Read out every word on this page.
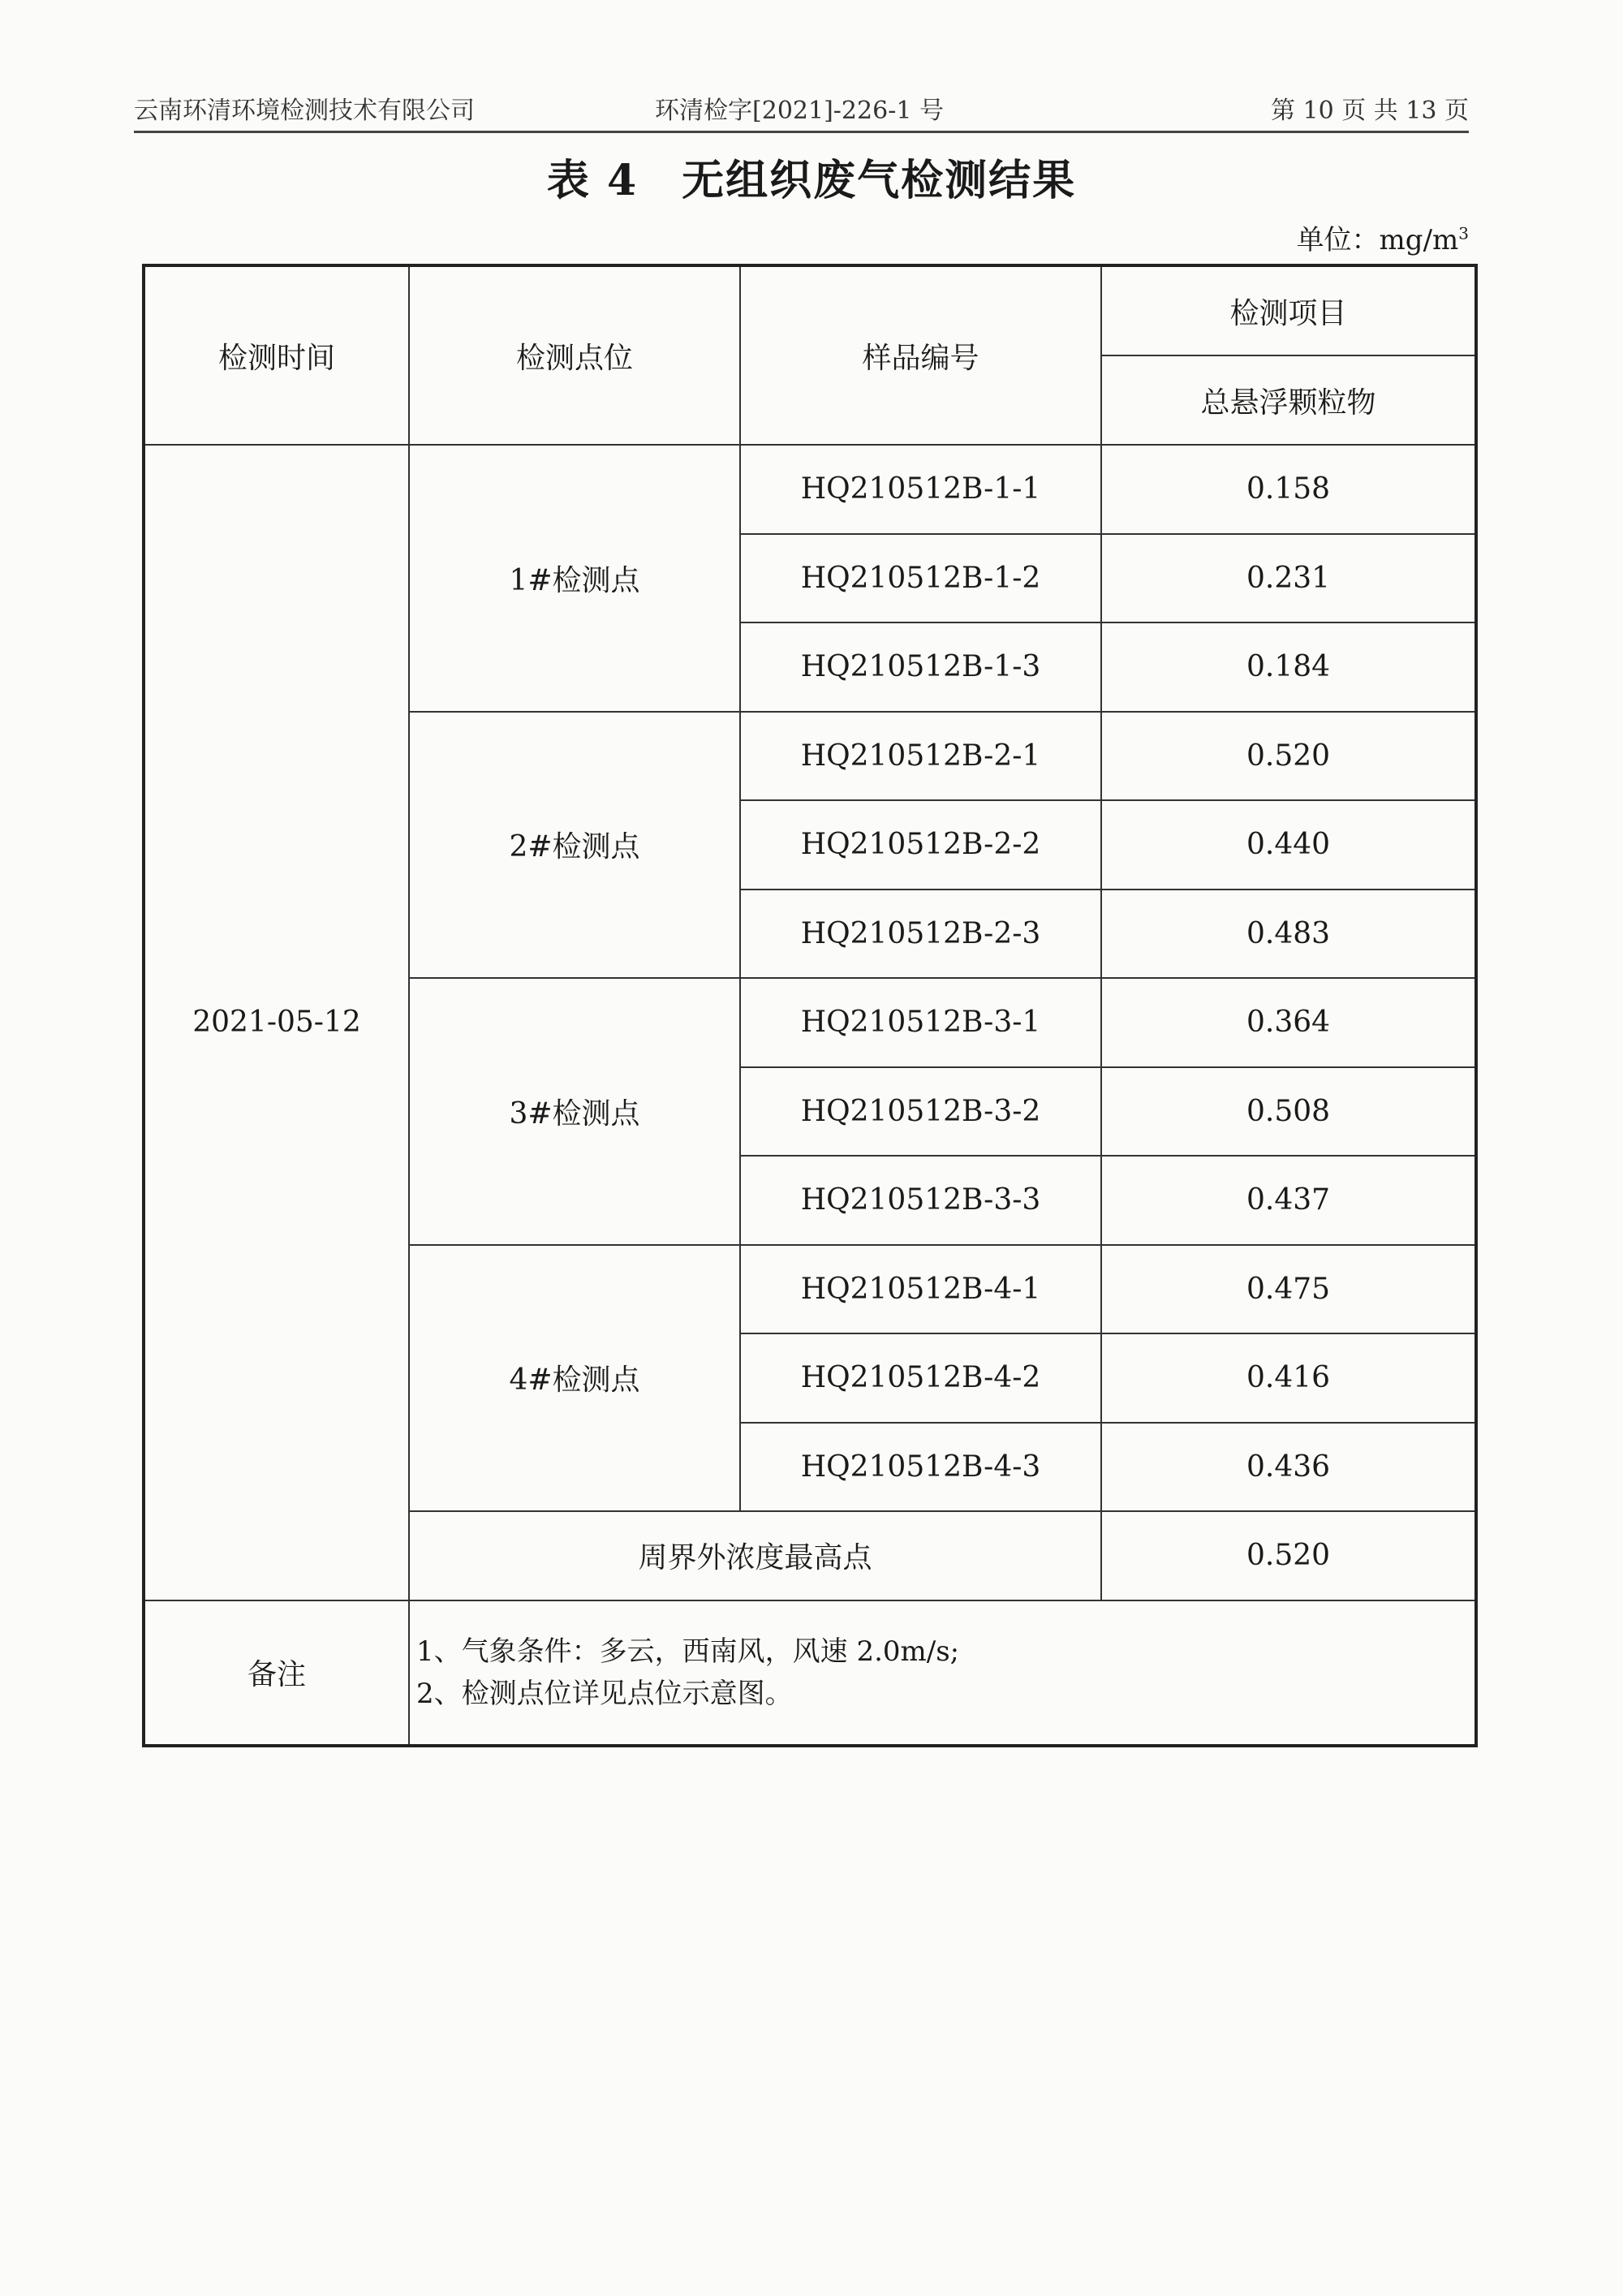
云南环清环境检测技术有限公司	环清检字[2021]-226-1 号	第 10 页 共 13 页
表 4　无组织废气检测结果
单位：$mg/m^3$
检测时间	检测点位	样品编号	检测项目
			总悬浮颗粒物
2021-05-12	1#检测点	HQ210512B-1-1	0.158
		HQ210512B-1-2	0.231
		HQ210512B-1-3	0.184
	2#检测点	HQ210512B-2-1	0.520
		HQ210512B-2-2	0.440
		HQ210512B-2-3	0.483
	3#检测点	HQ210512B-3-1	0.364
		HQ210512B-3-2	0.508
		HQ210512B-3-3	0.437
	4#检测点	HQ210512B-4-1	0.475
		HQ210512B-4-2	0.416
		HQ210512B-4-3	0.436
	周界外浓度最高点		0.520
备注	1、气象条件：多云，西南风，风速 2.0m/s;
2、检测点位详见点位示意图。		
